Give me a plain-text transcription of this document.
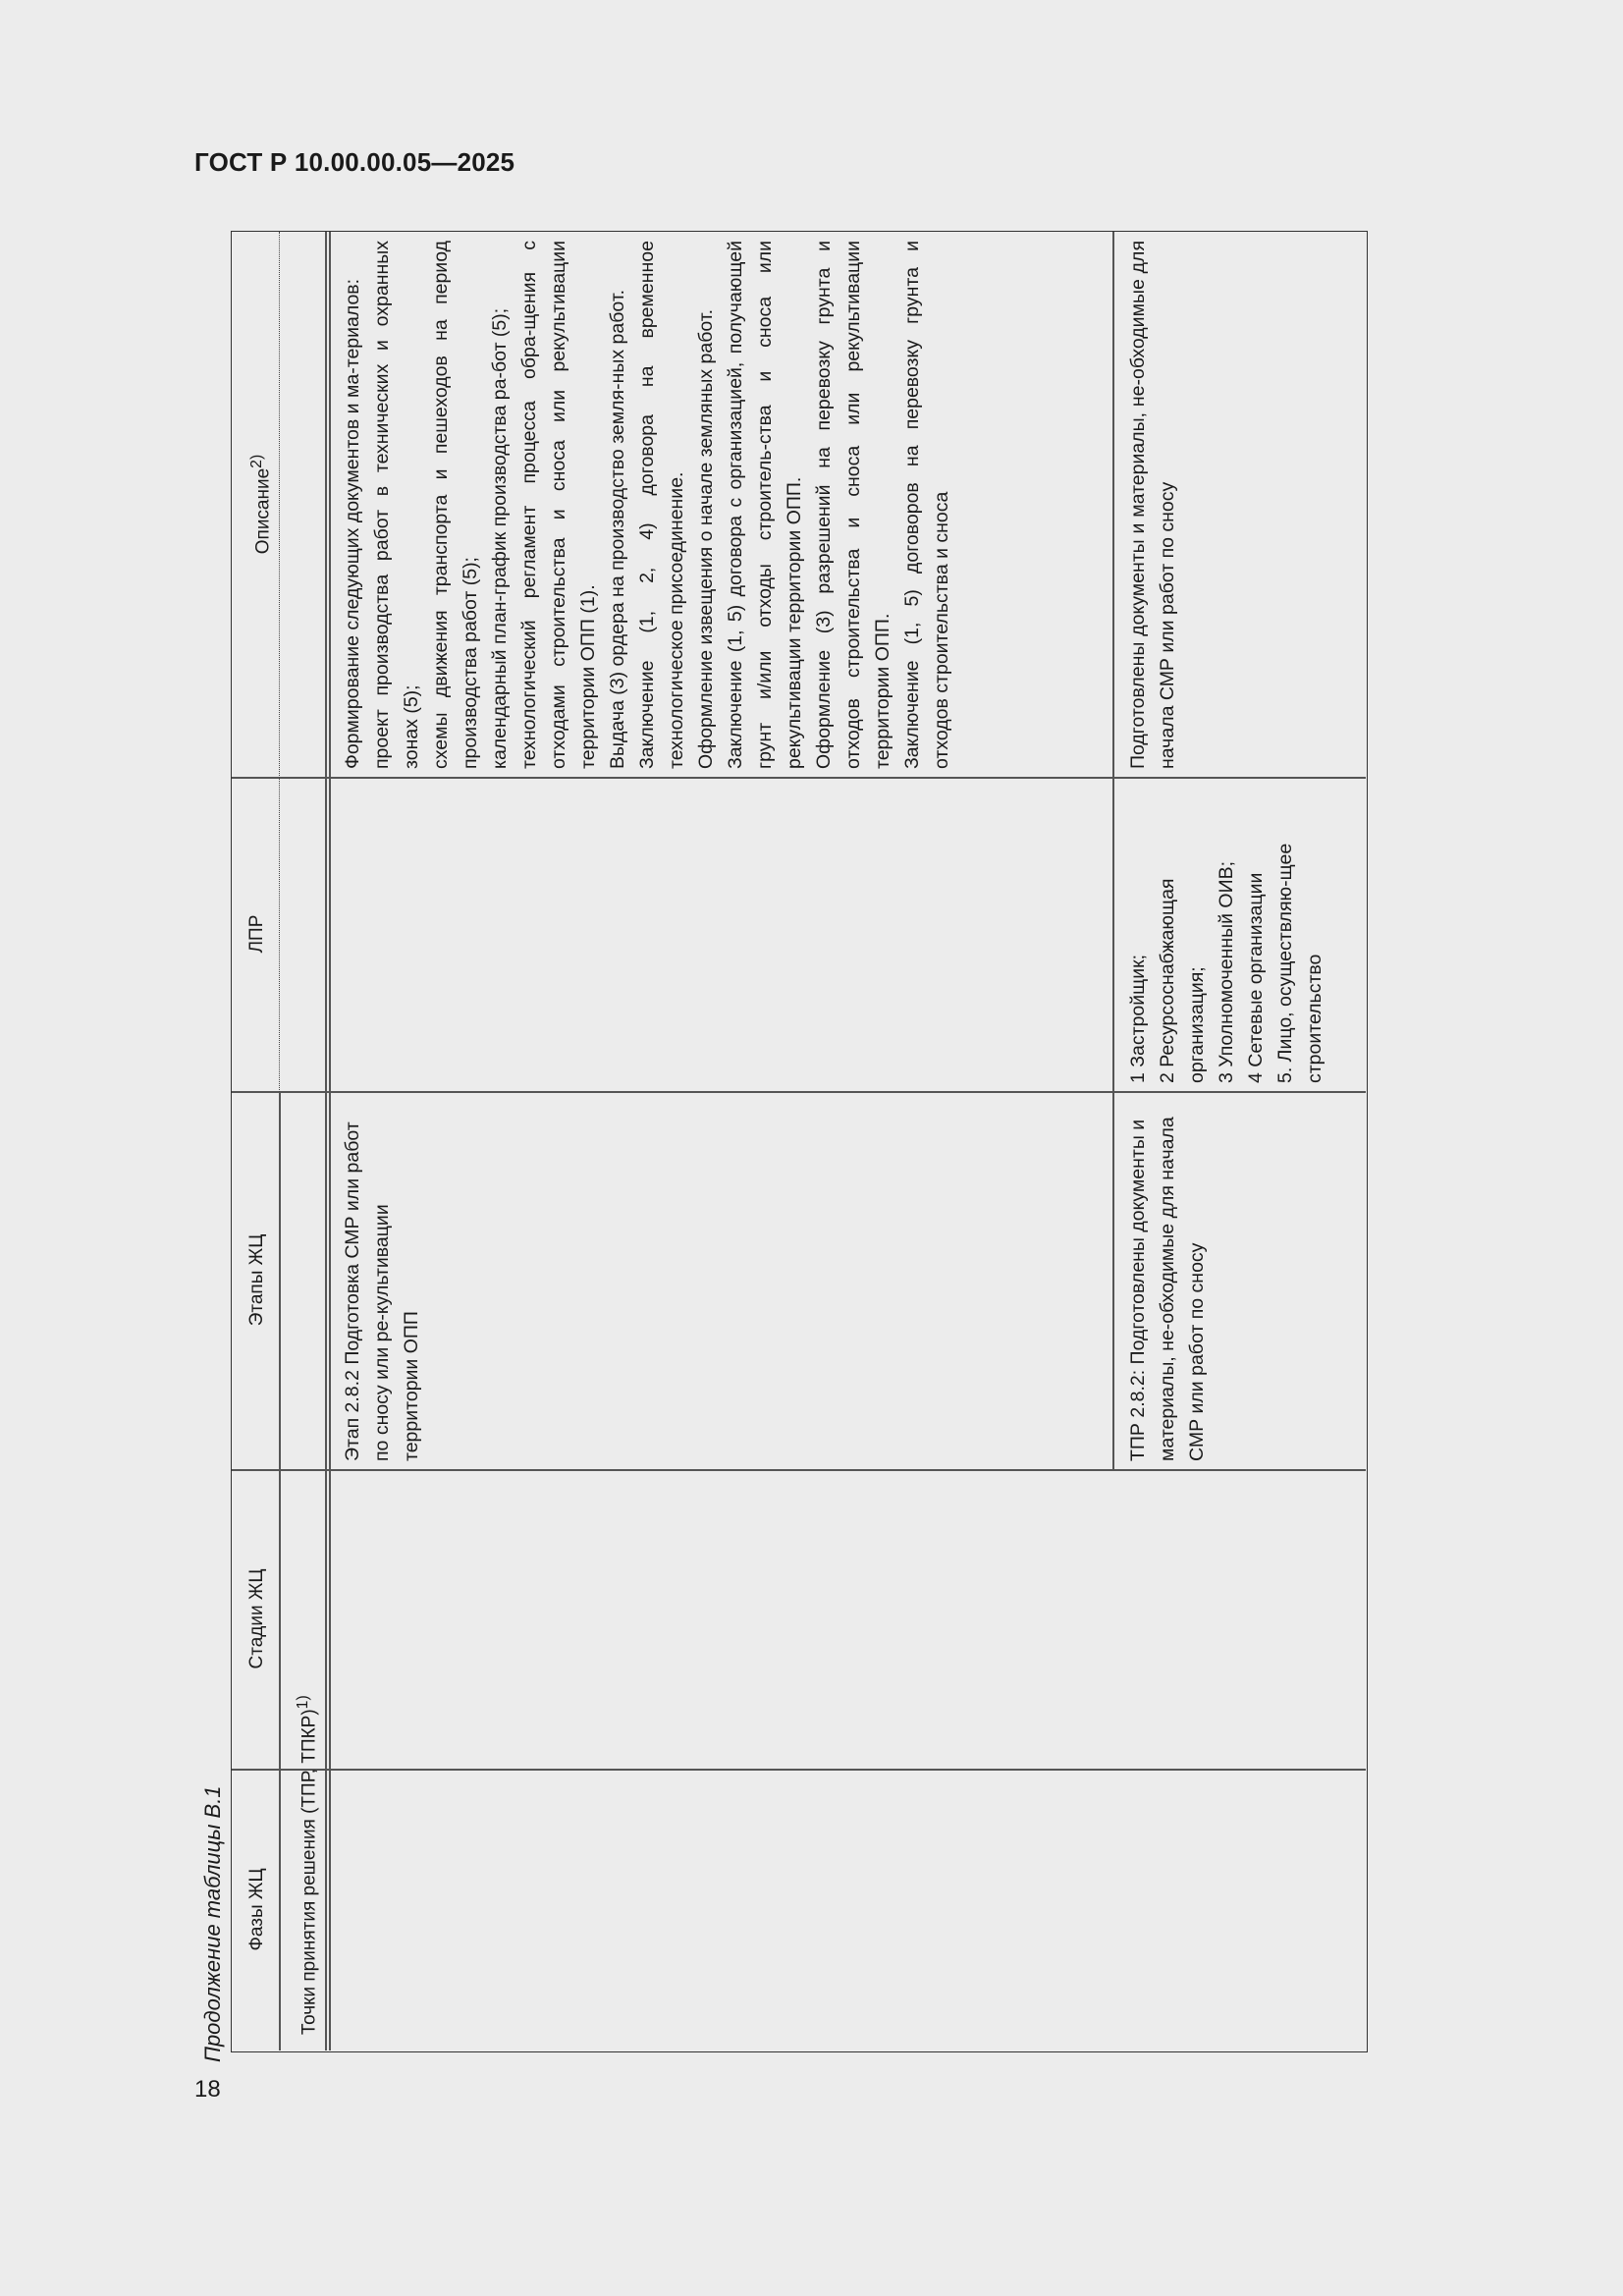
ГОСТ Р 10.00.00.05—2025
18
Продолжение таблицы В.1
Описание$^{2)}$
ЛПР
Этапы ЖЦ
Стадии ЖЦ
Фазы ЖЦ	Точки принятия решения (ТПР, ТПКР)$^{1)}$
Этап 2.8.2 Подготовка СМР или работ по сносу или ре-культивации территории ОПП

Формирование следующих документов и ма-териалов: проект производства работ в технических и охранных зонах (5); схемы движения транспорта и пешеходов на период производства работ (5); календарный план-график производства ра-бот (5); технологический регламент процесса обра-щения с отходами строительства и сноса или рекультивации территории ОПП (1). Выдача (3) ордера на производство земля-ных работ. Заключение (1, 2, 4) договора на временное технологическое присоединение. Оформление извещения о начале земляных работ. Заключение (1, 5) договора с организацией, получающей грунт и/или отходы строитель-ства и сноса или рекультивации территории ОПП. Оформление (3) разрешений на перевозку грунта и отходов строительства и сноса или рекультивации территории ОПП. Заключение (1, 5) договоров на перевозку грунта и отходов строительства и сноса

ТПР 2.8.2: Подготовлены документы и материалы, не-обходимые для начала СМР или работ по сносу

1 Застройщик; 2 Ресурсоснабжающая организация; 3 Уполномоченный ОИВ; 4 Сетевые организации 5. Лицо, осуществляю-щее строительство

Подготовлены документы и материалы, не-обходимые для начала СМР или работ по сносу
